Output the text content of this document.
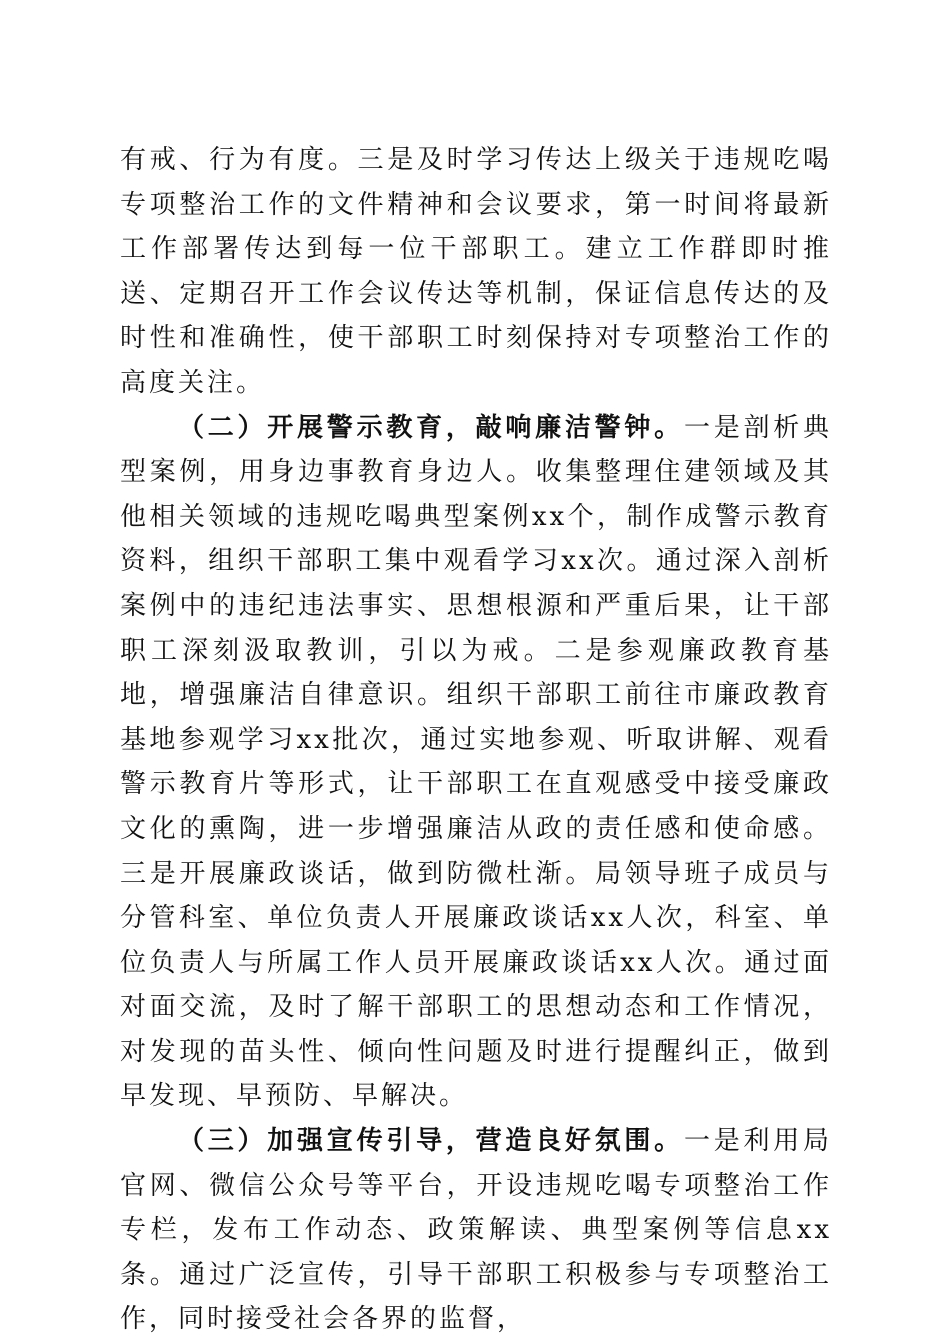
有戒、行为有度。三是及时学习传达上级关于违规吃喝专项整治工作的文件精神和会议要求，第一时间将最新工作部署传达到每一位干部职工。建立工作群即时推送、定期召开工作会议传达等机制，保证信息传达的及时性和准确性，使干部职工时刻保持对专项整治工作的高度关注。

（二）开展警示教育，敲响廉洁警钟。一是剖析典型案例，用身边事教育身边人。收集整理住建领域及其他相关领域的违规吃喝典型案例xx个，制作成警示教育资料，组织干部职工集中观看学习xx次。通过深入剖析案例中的违纪违法事实、思想根源和严重后果，让干部职工深刻汲取教训，引以为戒。二是参观廉政教育基地，增强廉洁自律意识。组织干部职工前往市廉政教育基地参观学习xx批次，通过实地参观、听取讲解、观看警示教育片等形式，让干部职工在直观感受中接受廉政文化的熏陶，进一步增强廉洁从政的责任感和使命感。三是开展廉政谈话，做到防微杜渐。局领导班子成员与分管科室、单位负责人开展廉政谈话xx人次，科室、单位负责人与所属工作人员开展廉政谈话xx人次。通过面对面交流，及时了解干部职工的思想动态和工作情况，对发现的苗头性、倾向性问题及时进行提醒纠正，做到早发现、早预防、早解决。

（三）加强宣传引导，营造良好氛围。一是利用局官网、微信公众号等平台，开设违规吃喝专项整治工作专栏，发布工作动态、政策解读、典型案例等信息xx条。通过广泛宣传，引导干部职工积极参与专项整治工作，同时接受社会各界的监督，
